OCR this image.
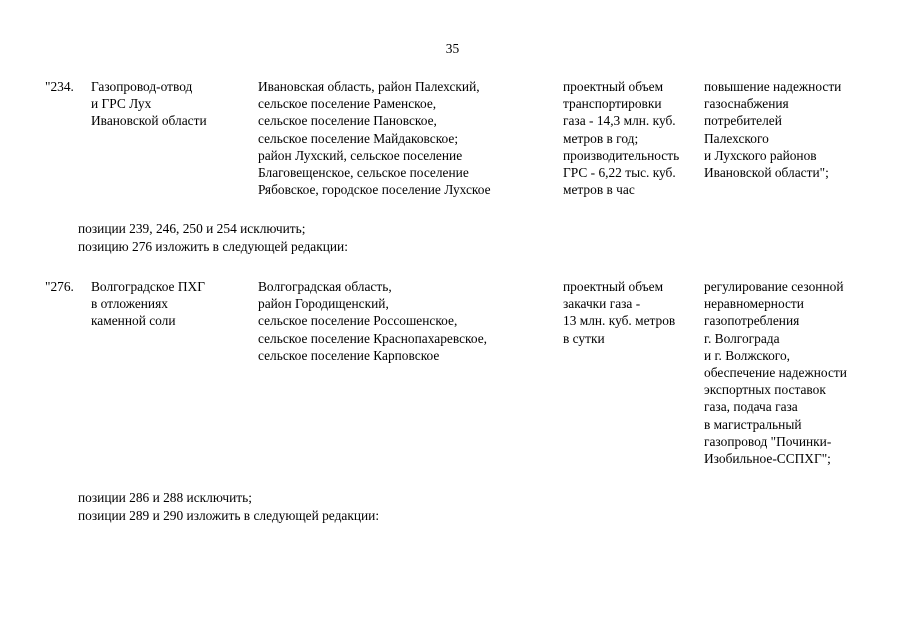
35
"234.	Газопровод-отвод
и ГРС Лух
Ивановской области
Ивановская область, район Палехский,
сельское поселение Раменское,
сельское поселение Пановское,
сельское поселение Майдаковское;
район Лухский, сельское поселение
Благовещенское, сельское поселение
Рябовское, городское поселение Лухское
проектный объем
транспортировки
газа - 14,3 млн. куб.
метров в год;
производительность
ГРС - 6,22 тыс. куб.
метров в час
повышение надежности
газоснабжения
потребителей
Палехского
и Лухского районов
Ивановской области";
позиции 239, 246, 250 и 254 исключить;
позицию 276 изложить в следующей редакции:
"276.	Волгоградское ПХГ
в отложениях
каменной соли
Волгоградская область,
район Городищенский,
сельское поселение Россошенское,
сельское поселение Краснопахаревское,
сельское поселение Карповское
проектный объем
закачки газа -
13 млн. куб. метров
в сутки
регулирование сезонной
неравномерности
газопотребления
г. Волгограда
и г. Волжского,
обеспечение надежности
экспортных поставок
газа, подача газа
в магистральный
газопровод "Починки-
Изобильное-ССПХГ";
позиции 286 и 288 исключить;
позиции 289 и 290 изложить в следующей редакции:
